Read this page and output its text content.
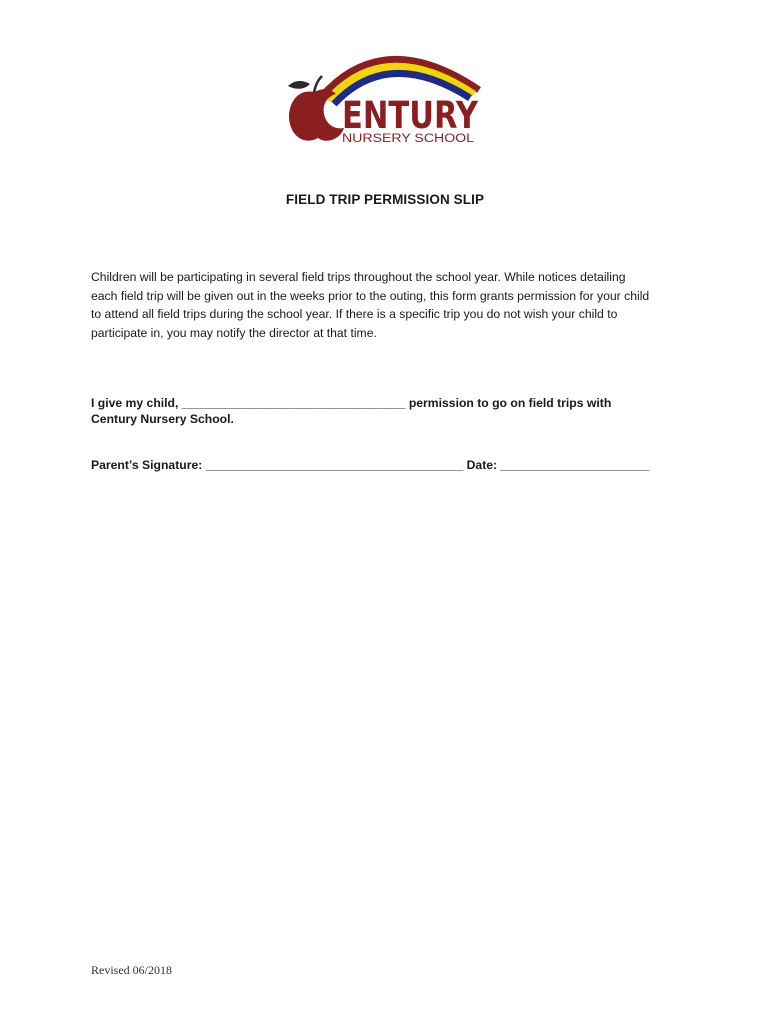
ENTURY
NURSERY SCHOOL
FIELD TRIP PERMISSION SLIP

Children will be participating in several field trips throughout the school year. While notices detailing
each field trip will be given out in the weeks prior to the outing, this form grants permission for your child
to attend all field trips during the school year. If there is a specific trip you do not wish your child to
participate in, you may notify the director at that time.

I give my child, _________________________________ permission to go on field trips with
Century Nursery School.

Parent’s Signature: ______________________________________ Date: ______________________

Revised 06/2018
